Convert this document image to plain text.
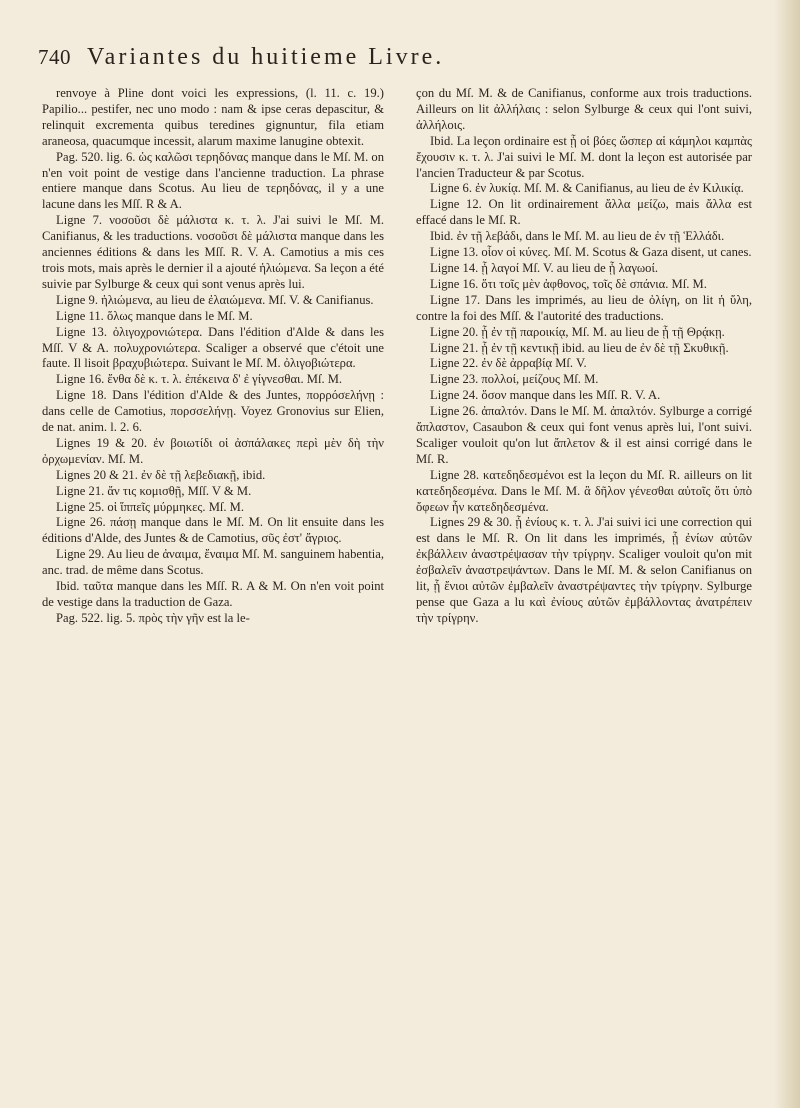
740 Variantes du huitieme Livre.

renvoye à Pline dont voici les expressions, (l. 11. c. 19.) Papilio... pestifer, nec uno modo : nam & ipse ceras depascitur, & relinquit excrementa quibus teredines gignuntur, fila etiam araneosa, quacumque incessit, alarum maxime lanugine obtexit.

Pag. 520. lig. 6. ὡς καλῶσι τερηδόνας manque dans le Mſ. M. on n'en voit point de vestige dans l'ancienne traduction. La phrase entiere manque dans Scotus. Au lieu de τερηδόνας, il y a une lacune dans les Mſſ. R & A.

Ligne 7. νοσοῦσι δὲ μάλιστα κ. τ. λ. J'ai suivi le Mſ. M. Canifianus, & les traductions. νοσοῦσι δὲ μάλιστα manque dans les anciennes éditions & dans les Mſſ. R. V. A. Camotius a mis ces trois mots, mais après le dernier il a ajouté ἡλιώμενα. Sa leçon a été suivie par Sylburge & ceux qui sont venus après lui.

Ligne 9. ἡλιώμενα, au lieu de ἐλαιώμενα. Mſ. V. & Canifianus.

Ligne 11. ὅλως manque dans le Mſ. M.

Ligne 13. ὀλιγοχρονιώτερα. Dans l'édition d'Alde & dans les Mſſ. V & A. πολυχρονιώτερα. Scaliger a observé que c'étoit une faute. Il lisoit βραχυβιώτερα. Suivant le Mſ. M. ὀλιγοβιώτερα.

Ligne 16. ἔνθα δὲ κ. τ. λ. ἐπέκεινα δ' ἐ γίγνεσθαι. Mſ. M.

Ligne 18. Dans l'édition d'Alde & des Juntes, πορρόσελήνῃ : dans celle de Camotius, πορσσελήνῃ. Voyez Gronovius sur Elien, de nat. anim. l. 2. 6.

Lignes 19 & 20. ἐν βοιωτίδι οἱ ἀσπάλακες περὶ μὲν δὴ τὴν ὀρχωμενίαν. Mſ. M.

Lignes 20 & 21. ἐν δὲ τῇ λεβεδιακῇ, ibid.

Ligne 21. ἄν τις κομισθῇ, Mſſ. V & M.

Ligne 25. οἱ ἵππεῖς μύρμηκες. Mſ. M.

Ligne 26. πάσῃ manque dans le Mſ. M. On lit ensuite dans les éditions d'Alde, des Juntes & de Camotius, σῦς ἐστ' ἄγριος.

Ligne 29. Au lieu de ἀναιμα, ἔναιμα Mſ. M. sanguinem habentia, anc. trad. de même dans Scotus.

Ibid. ταῦτα manque dans les Mſſ. R. A & M. On n'en voit point de vestige dans la traduction de Gaza.

Pag. 522. lig. 5. πρὸς τὴν γῆν est la le-

çon du Mſ. M. & de Canifianus, conforme aux trois traductions. Ailleurs on lit ἀλλήλαις : selon Sylburge & ceux qui l'ont suivi, ἀλλήλοις.

Ibid. La leçon ordinaire est ᾗ οἱ βόες ὥσπερ αἱ κάμηλοι καμπὰς ἔχουσιν κ. τ. λ. J'ai suivi le Mſ. M. dont la leçon est autorisée par l'ancien Traducteur & par Scotus.

Ligne 6. ἐν λυκίᾳ. Mſ. M. & Canifianus, au lieu de ἐν Κιλικίᾳ.

Ligne 12. On lit ordinairement ἄλλα μείζω, mais ἄλλα est effacé dans le Mſ. R.

Ibid. ἐν τῇ λεβάδι, dans le Mſ. M. au lieu de ἐν τῇ Ἑλλάδι.

Ligne 13. οἷον οἱ κύνες. Mſ. M. Scotus & Gaza disent, ut canes.

Ligne 14. ᾗ λαγοί Mſ. V. au lieu de ᾗ λαγωοί.

Ligne 16. ὅτι τοῖς μὲν ἀφθονος, τοῖς δὲ σπάνια. Mſ. M.

Ligne 17. Dans les imprimés, au lieu de ὀλίγη, on lit ἡ ὕλη, contre la foi des Mſſ. & l'autorité des traductions.

Ligne 20. ᾗ ἐν τῇ παροικίᾳ, Mſ. M. au lieu de ᾗ τῇ Θρᾴκῃ.

Ligne 21. ᾗ ἐν τῇ κεντικῇ ibid. au lieu de ἐν δὲ τῇ Σκυθικῇ.

Ligne 22. ἐν δὲ ἀρραβίᾳ Mſ. V.

Ligne 23. πολλοί, μείζους Mſ. M.

Ligne 24. ὅσον manque dans les Mſſ. R. V. A.

Ligne 26. ἀπαλτόν. Dans le Mſ. M. ἀπαλτόν. Sylburge a corrigé ἄπλαστον, Casaubon & ceux qui font venus après lui, l'ont suivi. Scaliger vouloit qu'on lut ἄπλετον & il est ainsi corrigé dans le Mſ. R.

Ligne 28. κατεδηδεσμένοι est la leçon du Mſ. R. ailleurs on lit κατεδηδεσμένα. Dans le Mſ. M. ἃ δῆλον γένεσθαι αὐτοῖς ὅτι ὑπὸ ὄφεων ἦν κατεδηδεσμένα.

Lignes 29 & 30. ᾗ ἐνίους κ. τ. λ. J'ai suivi ici une correction qui est dans le Mſ. R. On lit dans les imprimés, ᾗ ἐνίων αὐτῶν ἐκβάλλειν ἀναστρέψασαν τὴν τρίγρην. Scaliger vouloit qu'on mit ἐσβαλεῖν ἀναστρεψάντων. Dans le Mſ. M. & selon Canifianus on lit, ᾗ ἔνιοι αὐτῶν ἐμβαλεῖν ἀναστρέψαντες τὴν τρίγρην. Sylburge pense que Gaza a lu καὶ ἐνίους αὐτῶν ἐμβάλλοντας ἀνατρέπειν τὴν τρίγρην.
